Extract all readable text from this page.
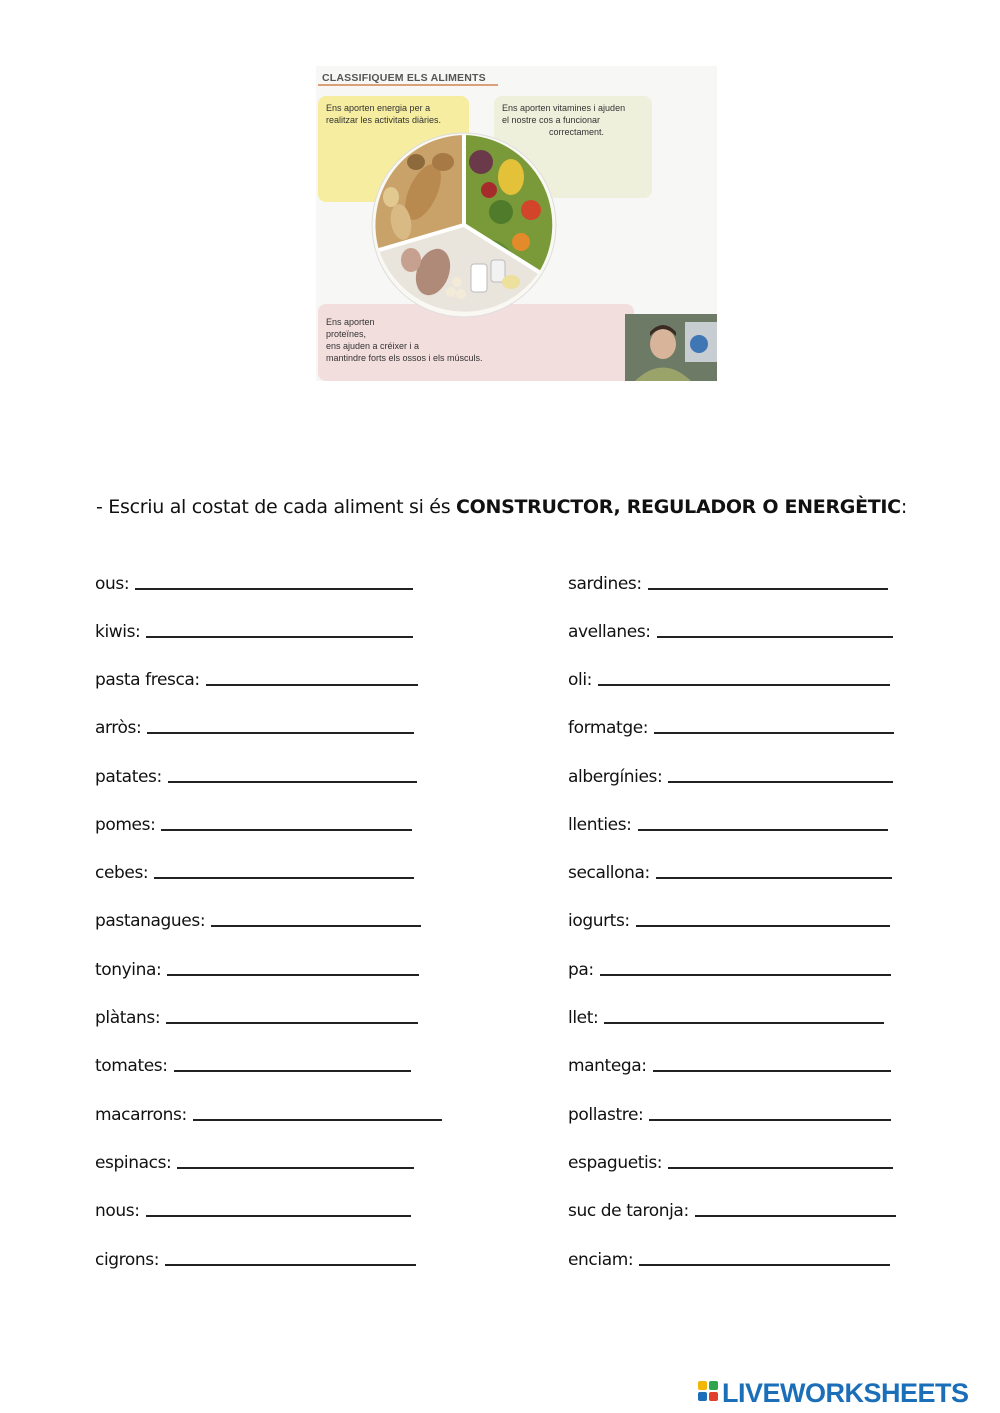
CLASSIFIQUEM ELS ALIMENTS
Ens aporten energia per a
realitzar les activitats diàries.
Ens aporten vitamines i ajuden
el nostre cos a funcionar
correctament.
Ens aporten
proteïnes,
ens ajuden a créixer i a
mantindre forts els ossos i els músculs.
- Escriu al costat de cada aliment si és CONSTRUCTOR, REGULADOR O ENERGÈTIC:
ous:
kiwis:
pasta fresca:
arròs:
patates:
pomes:
cebes:
pastanagues:
tonyina:
plàtans:
tomates:
macarrons:
espinacs:
nous:
cigrons:
sardines:
avellanes:
oli:
formatge:
albergínies:
llenties:
secallona:
iogurts:
pa:
llet:
mantega:
pollastre:
espaguetis:
suc de taronja:
enciam:
LIVEWORKSHEETS
